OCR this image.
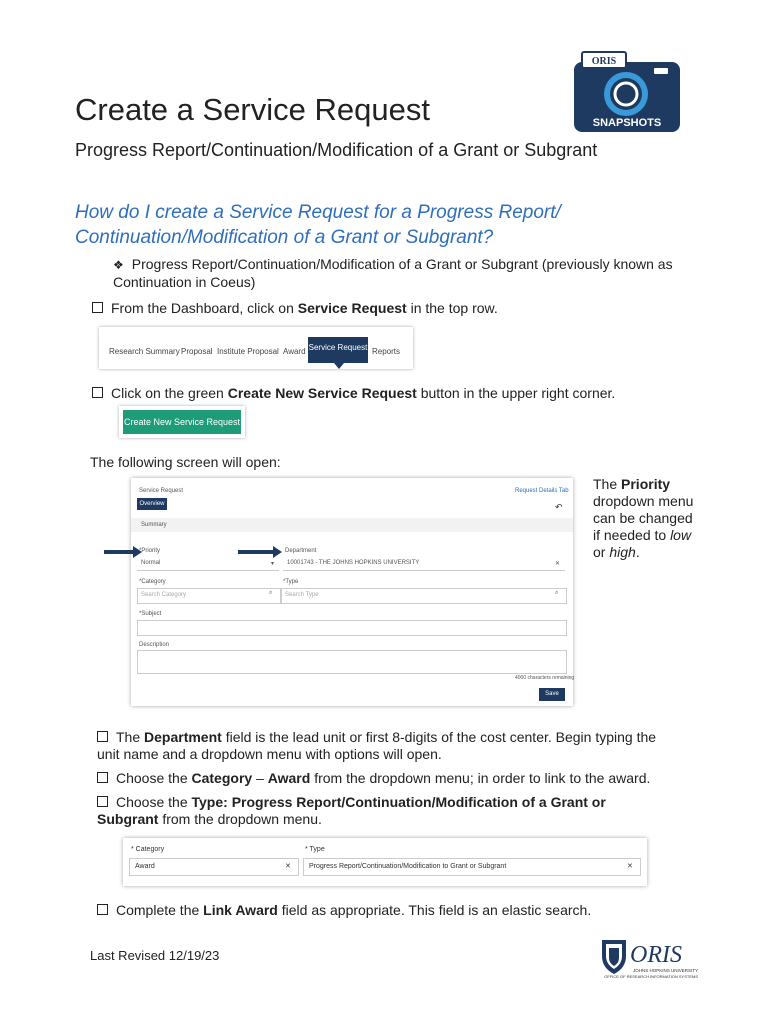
Create a Service Request
Progress Report/Continuation/Modification of a Grant or Subgrant
How do I create a Service Request for a Progress Report/ Continuation/Modification of a Grant or Subgrant?
ORIS
SNAPSHOTS
❖ Progress Report/Continuation/Modification of a Grant or Subgrant (previously known as Continuation in Coeus)
From the Dashboard, click on Service Request in the top row.
Research Summary Proposal Institute Proposal Award Service Request Reports
Click on the green Create New Service Request button in the upper right corner.
Create New Service Request
The following screen will open:
Service Request	Request Details Tab
Overview	↶
Summary
*Priority
Normal	▾
Department
10001743 - THE JOHNS HOPKINS UNIVERSITY	✕
*Category
Search Category	⌕
*Type
Search Type	⌕
*Subject
Description
4000 characters remaining
Save
The Priority dropdown menu can be changed if needed to low or high.
The Department field is the lead unit or first 8-digits of the cost center. Begin typing the unit name and a dropdown menu with options will open.
Choose the Category – Award from the dropdown menu; in order to link to the award.
Choose the Type: Progress Report/Continuation/Modification of a Grant or Subgrant from the dropdown menu.
* Category
Award	✕
* Type
Progress Report/Continuation/Modification to Grant or Subgrant	✕
Complete the Link Award field as appropriate. This field is an elastic search.
Last Revised 12/19/23	ORIS
JOHNS HOPKINS UNIVERSITY
OFFICE OF RESEARCH INFORMATION SYSTEMS
